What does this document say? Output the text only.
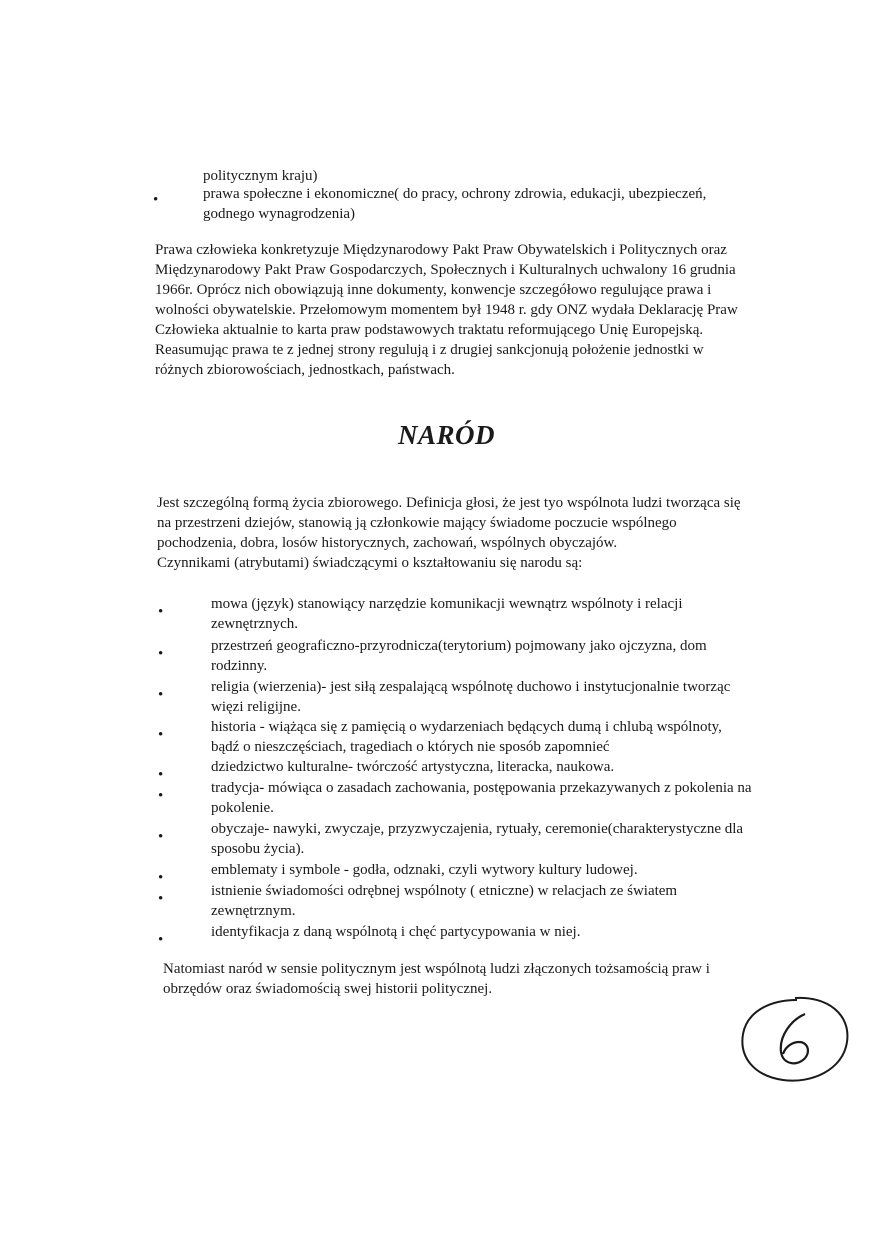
politycznym kraju)
•	prawa społeczne i ekonomiczne( do pracy, ochrony zdrowia, edukacji, ubezpieczeń,
godnego wynagrodzenia)
Prawa człowieka konkretyzuje Międzynarodowy Pakt Praw Obywatelskich i Politycznych oraz
Międzynarodowy Pakt Praw Gospodarczych, Społecznych i Kulturalnych uchwalony 16 grudnia
1966r. Oprócz nich obowiązują inne dokumenty, konwencje szczegółowo regulujące prawa i
wolności obywatelskie. Przełomowym momentem był 1948 r. gdy ONZ wydała Deklarację Praw
Człowieka aktualnie to karta praw podstawowych traktatu reformującego Unię Europejską.
Reasumując prawa te z jednej strony regulują i z drugiej sankcjonują położenie jednostki w
różnych zbiorowościach, jednostkach, państwach.
NARÓD
Jest szczególną formą życia zbiorowego. Definicja głosi, że jest tyo wspólnota ludzi tworząca się
na przestrzeni dziejów, stanowią ją członkowie mający świadome poczucie wspólnego
pochodzenia, dobra, losów historycznych, zachowań, wspólnych obyczajów.
Czynnikami (atrybutami) świadczącymi o kształtowaniu się narodu są:
•	mowa (język) stanowiący narzędzie komunikacji wewnątrz wspólnoty i relacji
zewnętrznych.
•	przestrzeń geograficzno-przyrodnicza(terytorium) pojmowany jako ojczyzna, dom
rodzinny.
•	religia (wierzenia)- jest siłą zespalającą wspólnotę duchowo i instytucjonalnie tworząc
więzi religijne.
•	historia - wiążąca się z pamięcią o wydarzeniach będących dumą i chlubą wspólnoty,
bądź o nieszczęściach, tragediach o których nie sposób zapomnieć
•	dziedzictwo kulturalne- twórczość artystyczna, literacka, naukowa.
•	tradycja- mówiąca o zasadach zachowania, postępowania przekazywanych z pokolenia na
pokolenie.
•	obyczaje- nawyki, zwyczaje, przyzwyczajenia, rytuały, ceremonie(charakterystyczne dla
sposobu życia).
•	emblematy i symbole - godła, odznaki, czyli wytwory kultury ludowej.
•	istnienie świadomości odrębnej wspólnoty ( etniczne) w relacjach ze światem
zewnętrznym.
•	identyfikacja z daną wspólnotą i chęć partycypowania w niej.
Natomiast naród w sensie politycznym jest wspólnotą ludzi złączonych tożsamością praw i
obrzędów oraz świadomością swej historii politycznej.
